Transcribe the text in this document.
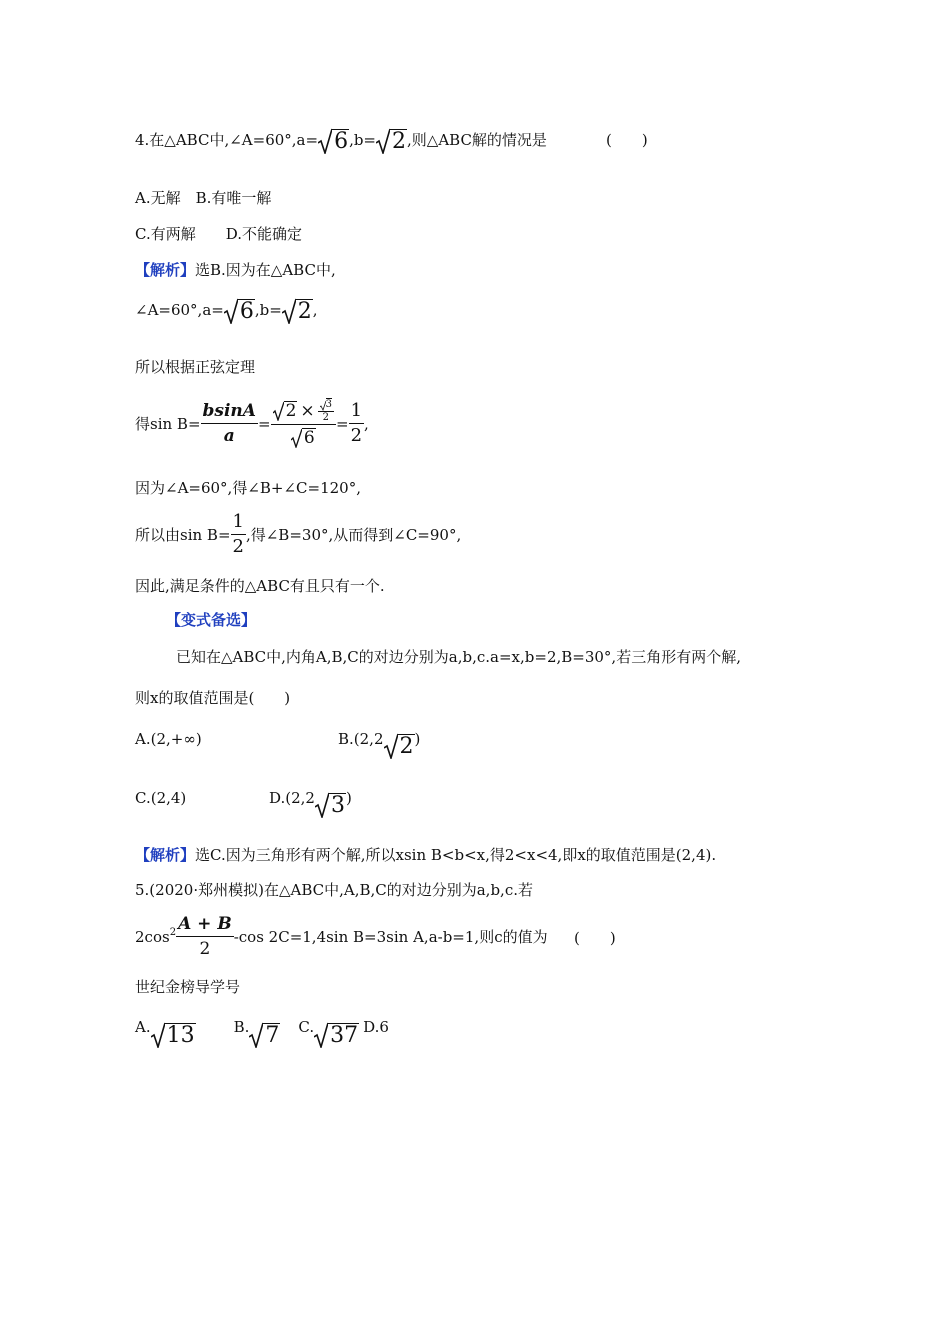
4.在△ABC中,∠A=60°,a= 6 ,b= 2 ,则△ABC解的情况是	(　　)
A.无解　B.有唯一解
C.有两解　　D.不能确定
【解析】选B.因为在△ABC中,
∠A=60°,a= 6 ,b= 2 ,
所以根据正弦定理
得$\sin B= \frac{bsinA}{a} = \frac{2 \times \frac{3}{2}}{6} = \frac{1}{2}$ ,
因为∠A=60°,得∠B+∠C=120°,
所以由$\sin B= \frac{1}{2}$ ,得∠B=30°,从而得到∠C=90°,
因此,满足条件的△ABC有且只有一个.
【变式备选】
已知在△ABC中,内角A,B,C的对边分别为a,b,c.a=x,b=2,B=30°,若三角形有两个解,
则x的取值范围是(　　)
A.(2,+∞)	B.(2,2 2 )
C.(2,4)	D.(2,2 3 )
【解析】选C.因为三角形有两个解,所以xsin B<b<x,得2<x<4,即x的取值范围是(2,4).
5.(2020·郑州模拟)在△ABC中,A,B,C的对边分别为a,b,c.若
2cos $2 \frac{A + B}{2} -\cos$ 2C=1,4sin B=3sin A,a-b=1,则c的值为 (　　)
世纪金榜导学号
A. 13	B. 7 C. 37 D.6
